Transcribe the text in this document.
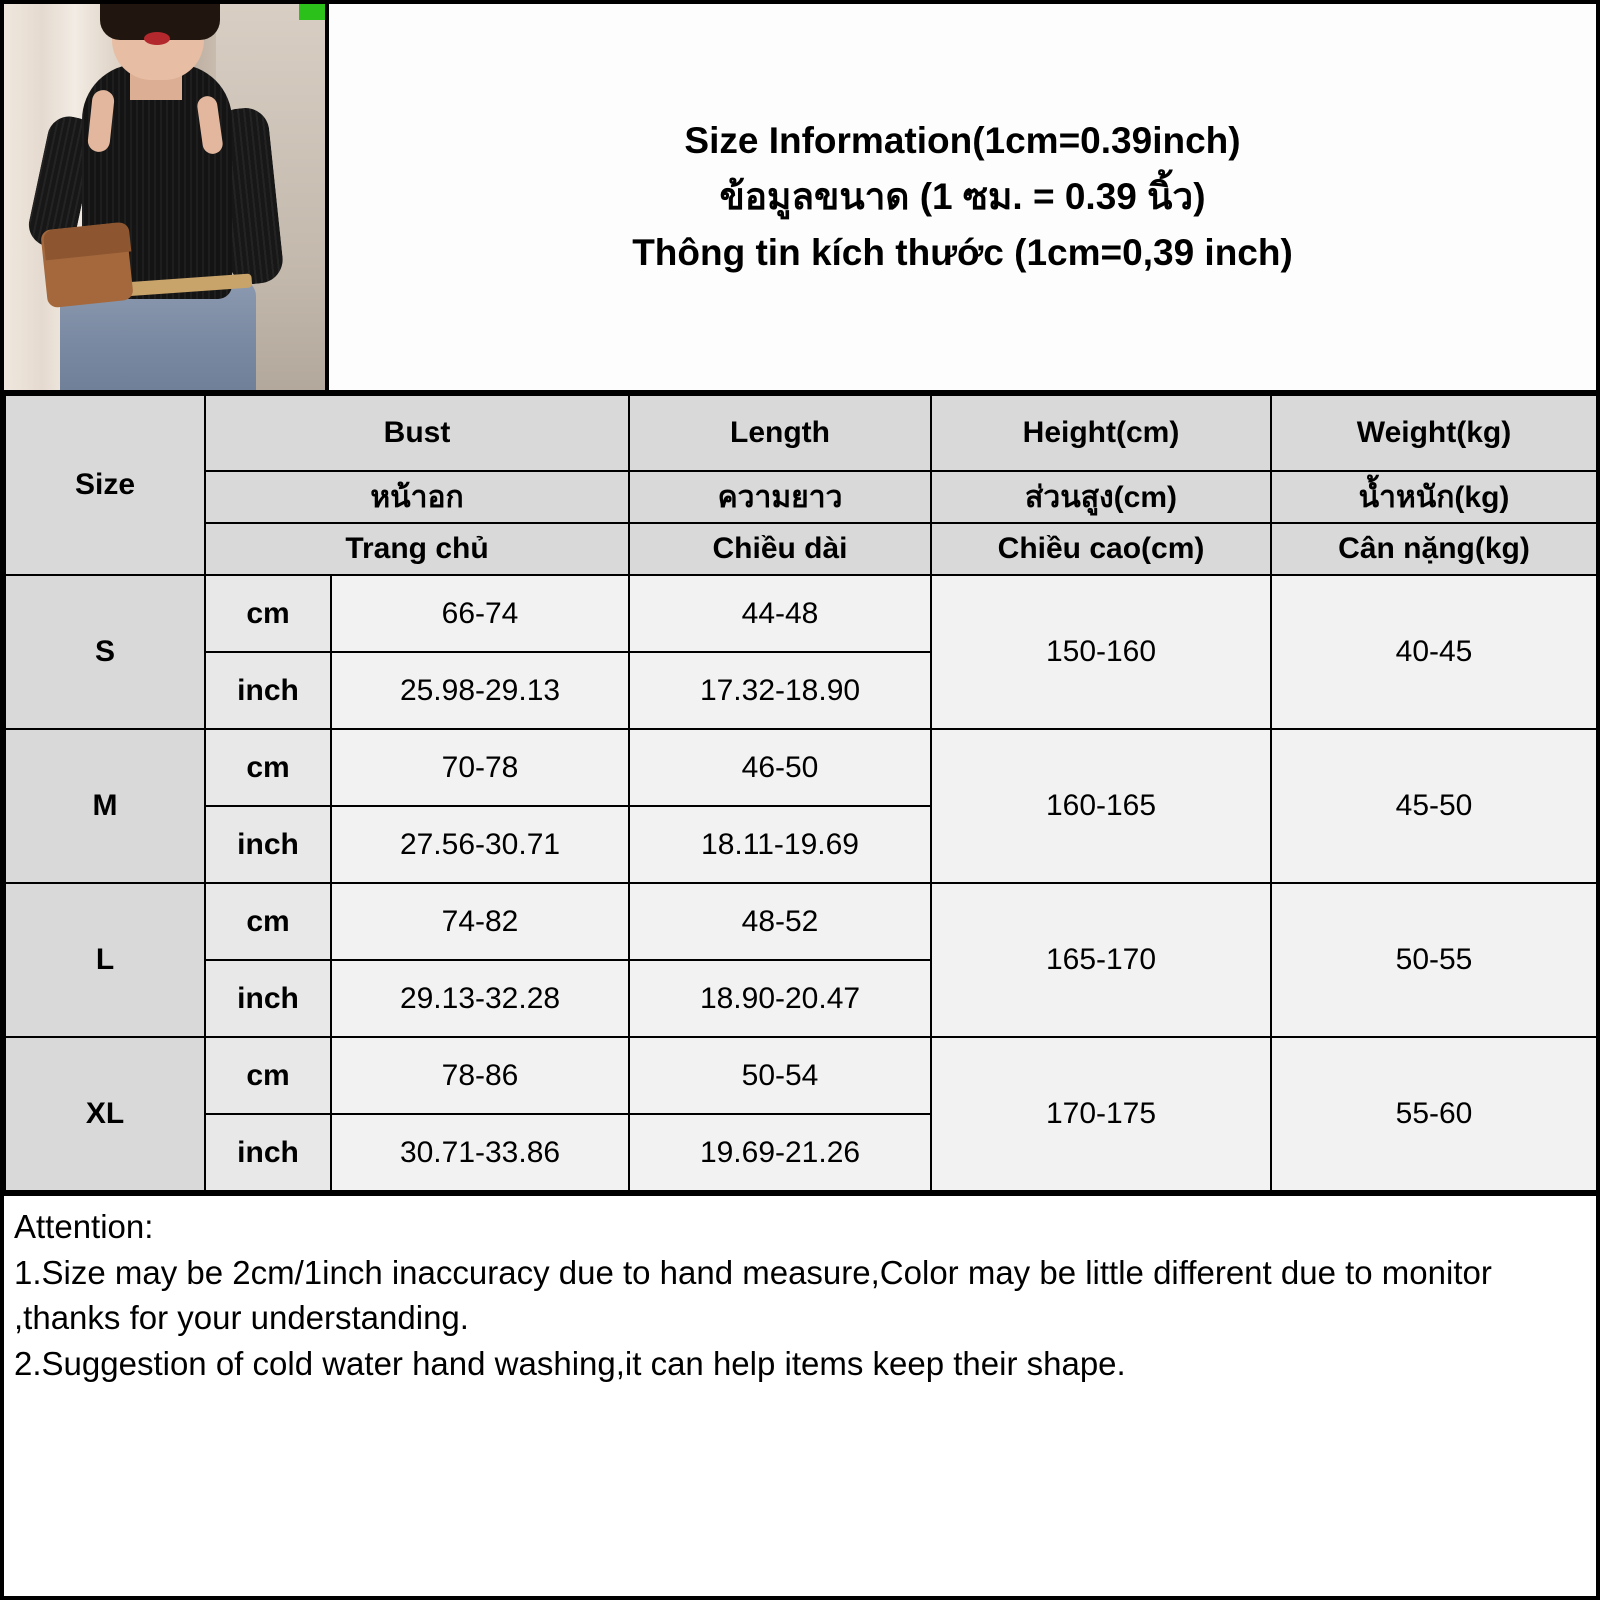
Size Information(1cm=0.39inch)
ข้อมูลขนาด (1 ซม. = 0.39 นิ้ว)
Thông tin kích thước (1cm=0,39 inch)
Size	Bust		Length	Height(cm)	Weight(kg)
	หน้าอก		ความยาว	ส่วนสูง(cm)	น้ำหนัก(kg)
	Trang chủ		Chiều dài	Chiều cao(cm)	Cân nặng(kg)
S	cm	66-74	44-48	150-160	40-45
	inch	25.98-29.13	17.32-18.90		
M	cm	70-78	46-50	160-165	45-50
	inch	27.56-30.71	18.11-19.69		
L	cm	74-82	48-52	165-170	50-55
	inch	29.13-32.28	18.90-20.47		
XL	cm	78-86	50-54	170-175	55-60
	inch	30.71-33.86	19.69-21.26		
Attention:
1.Size may be 2cm/1inch inaccuracy due to hand measure,Color may be little different due to monitor ,thanks for your understanding.
2.Suggestion of cold water hand washing,it can help items keep their shape.
